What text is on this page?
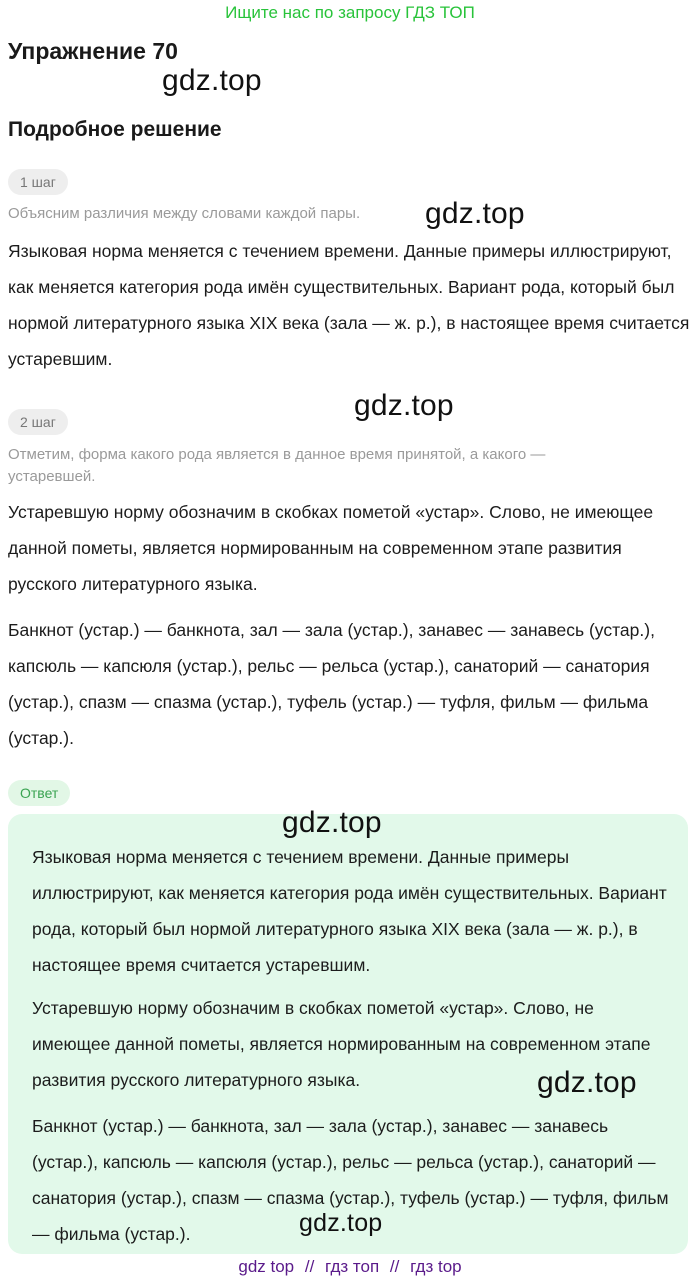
Ищите нас по запросу ГДЗ ТОП
Упражнение 70
gdz.top
Подробное решение
1 шаг
Объясним различия между словами каждой пары.	gdz.top
Языковая норма меняется с течением времени. Данные примеры иллюстрируют, как меняется категория рода имён существительных. Вариант рода, который был нормой литературного языка XIX века (зала — ж. р.), в настоящее время считается устаревшим.
2 шаг	gdz.top
Отметим, форма какого рода является в данное время принятой, а какого — устаревшей.
Устаревшую норму обозначим в скобках пометой «устар». Слово, не имеющее данной пометы, является нормированным на современном этапе развития русского литературного языка.
Банкнот (устар.) — банкнота, зал — зала (устар.), занавес — занавесь (устар.), капсюль — капсюля (устар.), рельс — рельса (устар.), санаторий — санатория (устар.), спазм — спазма (устар.), туфель (устар.) — туфля, фильм — фильма (устар.).
Ответ
gdz.top
Языковая норма меняется с течением времени. Данные примеры иллюстрируют, как меняется категория рода имён существительных. Вариант рода, который был нормой литературного языка XIX века (зала — ж. р.), в настоящее время считается устаревшим.
Устаревшую норму обозначим в скобках пометой «устар». Слово, не имеющее данной пометы, является нормированным на современном этапе развития русского литературного языка.	gdz.top
Банкнот (устар.) — банкнота, зал — зала (устар.), занавес — занавесь (устар.), капсюль — капсюля (устар.), рельс — рельса (устар.), санаторий — санатория (устар.), спазм — спазма (устар.), туфель (устар.) — туфля, фильм — фильма (устар.).	gdz.top
gdz top // гдз топ // гдз top
